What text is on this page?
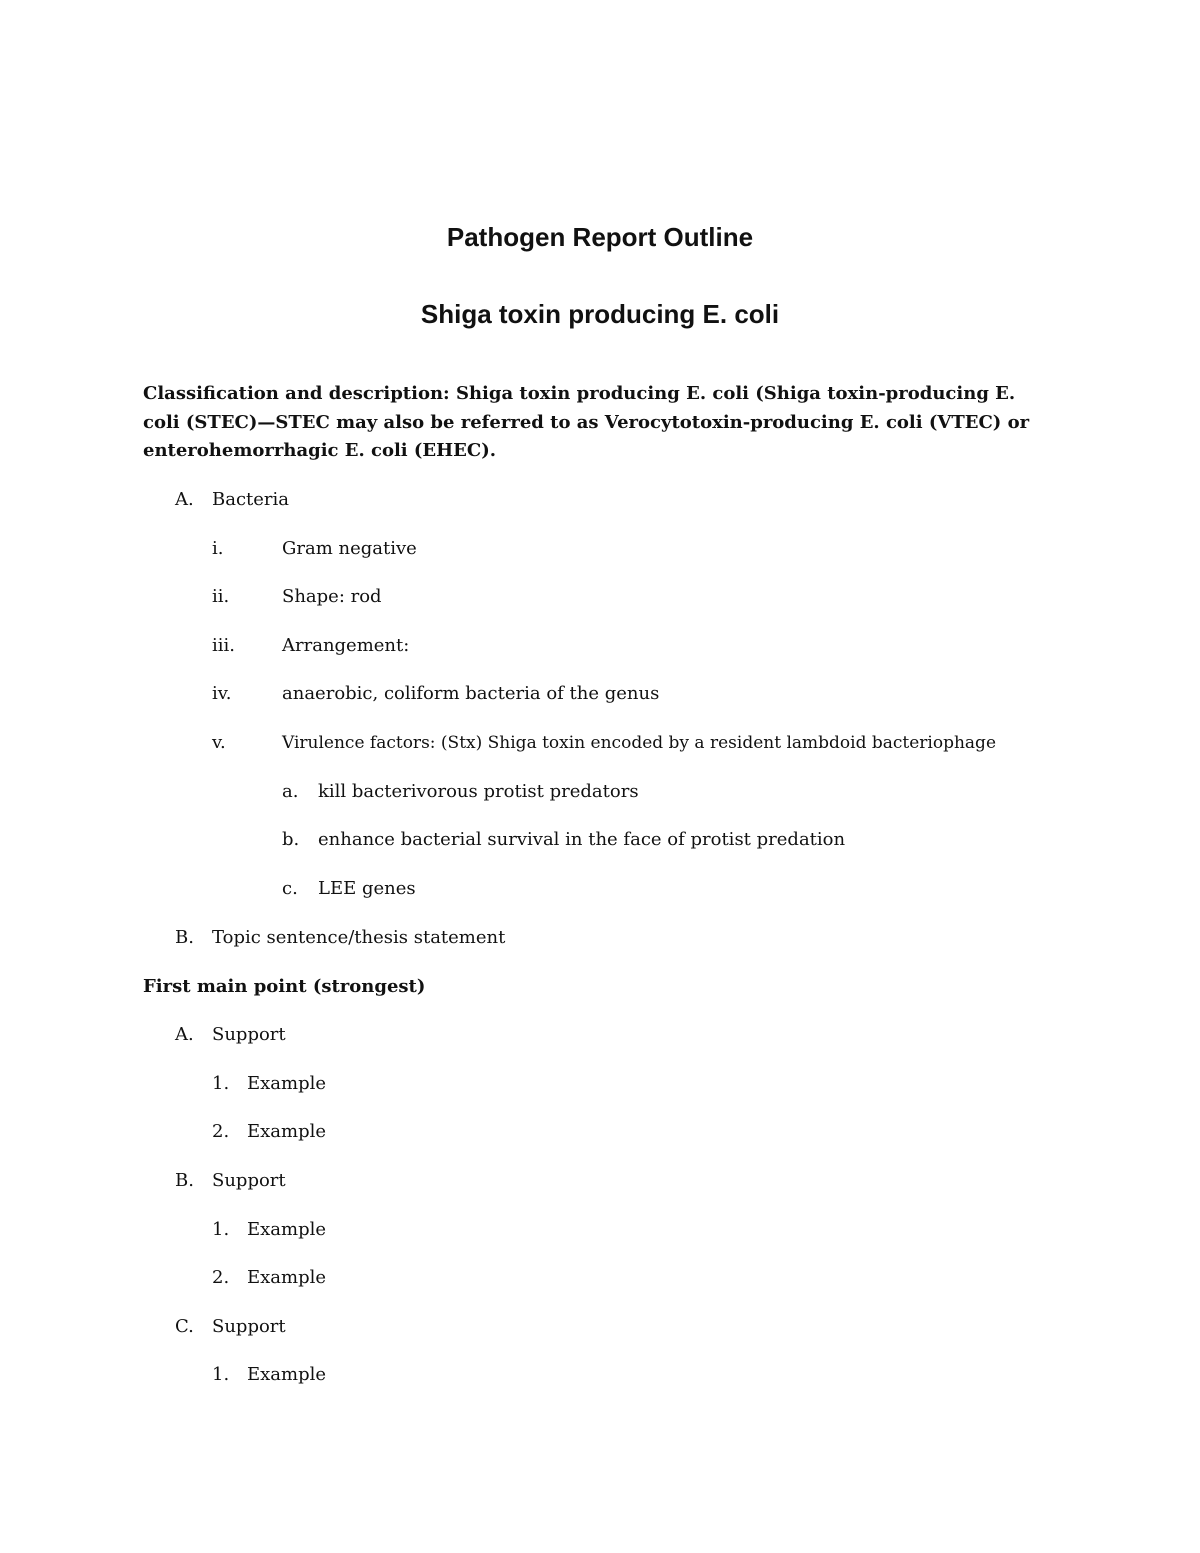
Pathogen Report Outline
Shiga toxin producing E. coli
Classification and description: Shiga toxin producing E. coli (Shiga toxin-producing E. coli (STEC)—STEC may also be referred to as Verocytotoxin-producing E. coli (VTEC) or enterohemorrhagic E. coli (EHEC).
A. Bacteria
i.	Gram negative
ii.	Shape: rod
iii.	Arrangement:
iv.	anaerobic, coliform bacteria of the genus
v.	Virulence factors: (Stx) Shiga toxin encoded by a resident lambdoid bacteriophage
a. kill bacterivorous protist predators
b. enhance bacterial survival in the face of protist predation
c. LEE genes
B. Topic sentence/thesis statement
First main point (strongest)
A. Support
1. Example
2. Example
B. Support
1. Example
2. Example
C. Support
1. Example
